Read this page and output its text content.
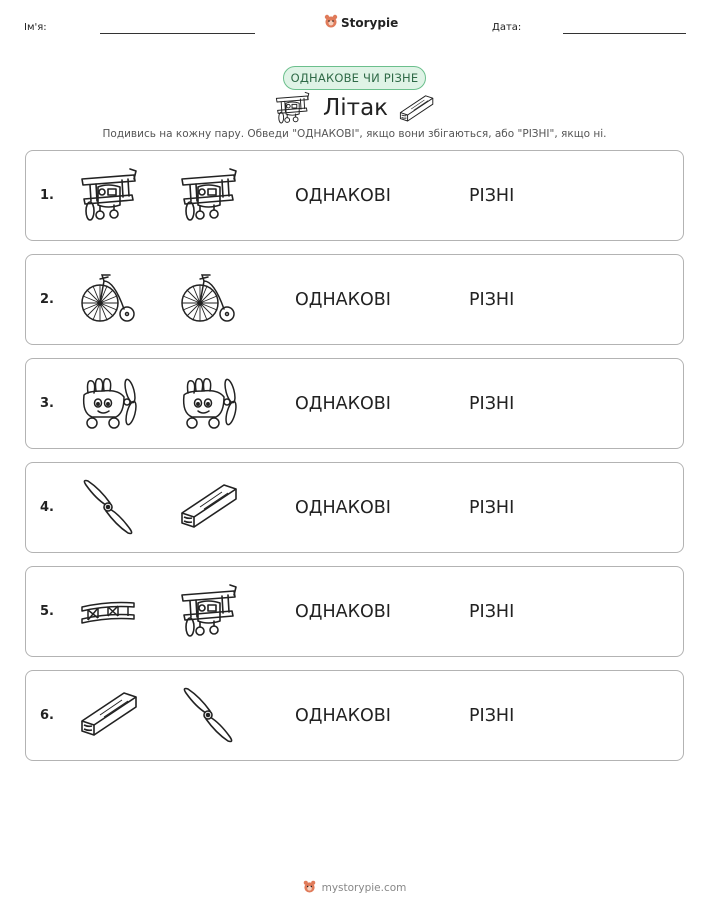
Ім'я:	Storypie	Дата:
ОДНАКОВЕ ЧИ РІЗНЕ
Літак
Подивись на кожну пару. Обведи "ОДНАКОВІ", якщо вони збігаються, або "РІЗНІ", якщо ні.
1.	ОДНАКОВІ	РІЗНІ
2.	ОДНАКОВІ	РІЗНІ
3.	ОДНАКОВІ	РІЗНІ
4.	ОДНАКОВІ	РІЗНІ
5.	ОДНАКОВІ	РІЗНІ
6.	ОДНАКОВІ	РІЗНІ
mystorypie.com
